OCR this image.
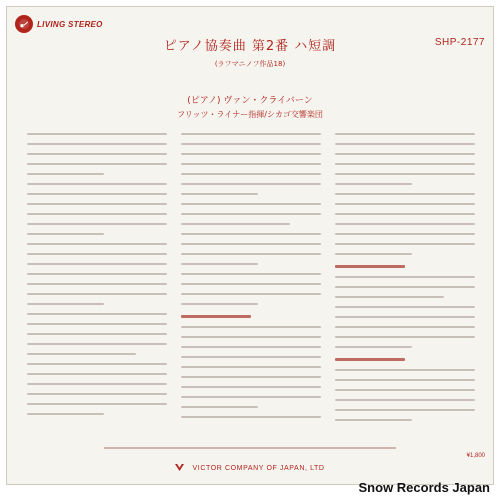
LIVING STEREO
SHP-2177
ピアノ協奏曲 第2番 ハ短調
(ラフマニノフ作品18)
(ピアノ) ヴァン・クライバーン
フリッツ・ライナー指揮/シカゴ交響楽団
VICTOR COMPANY OF JAPAN, LTD
¥1,800
Snow Records Japan
